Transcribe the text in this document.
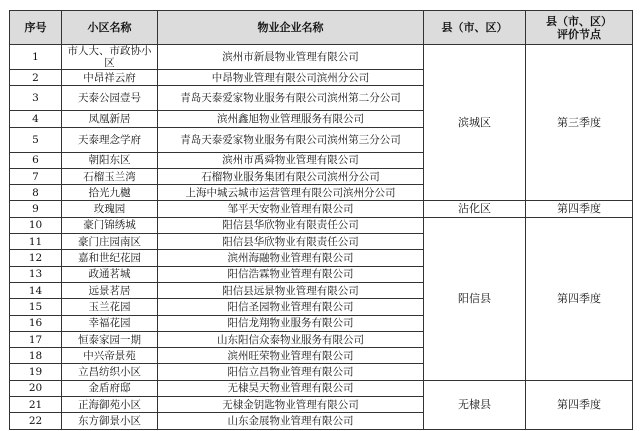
序号	小区名称	物业企业名称	县（市、区）	县（市、区）
评价节点

1	市人大、市政协小区	滨州市新晨物业管理有限公司	滨城区	第三季度
2	中昂祥云府	中昂物业管理有限公司滨州分公司		
3	天泰公园壹号	青岛天泰爱家物业服务有限公司滨州第二分公司		
4	凤凰新居	滨州鑫旭物业管理服务有限公司		
5	天泰理念学府	青岛天泰爱家物业服务有限公司滨州第三分公司		
6	朝阳东区	滨州市禹舜物业管理有限公司		
7	石榴玉兰湾	石榴物业服务集团有限公司滨州分公司		
8	拾光九樾	上海中城云城市运营管理有限公司滨州分公司		
9	玫瑰园	邹平天安物业管理有限公司	沾化区	第四季度
10	豪门锦绣城	阳信县华欣物业有限责任公司	阳信县	第四季度
11	豪门庄园南区	阳信县华欣物业有限责任公司		
12	嘉和世纪花园	滨州海融物业管理有限公司		
13	政通茗城	阳信浩霖物业管理有限公司		
14	远景茗居	阳信县远景物业管理有限公司		
15	玉兰花园	阳信圣园物业管理有限公司		
16	幸福花园	阳信龙翔物业服务有限公司		
17	恒泰家园一期	山东阳信众泰物业服务有限公司		
18	中兴帝景苑	滨州旺荣物业管理有限公司		
19	立昌纺织小区	阳信立昌物业管理有限公司		
20	金盾府邸	无棣昊天物业管理有限公司	无棣县	第四季度
21	正海御苑小区	无棣金钥匙物业管理有限公司		
22	东方御景小区	山东金展物业管理有限公司		
